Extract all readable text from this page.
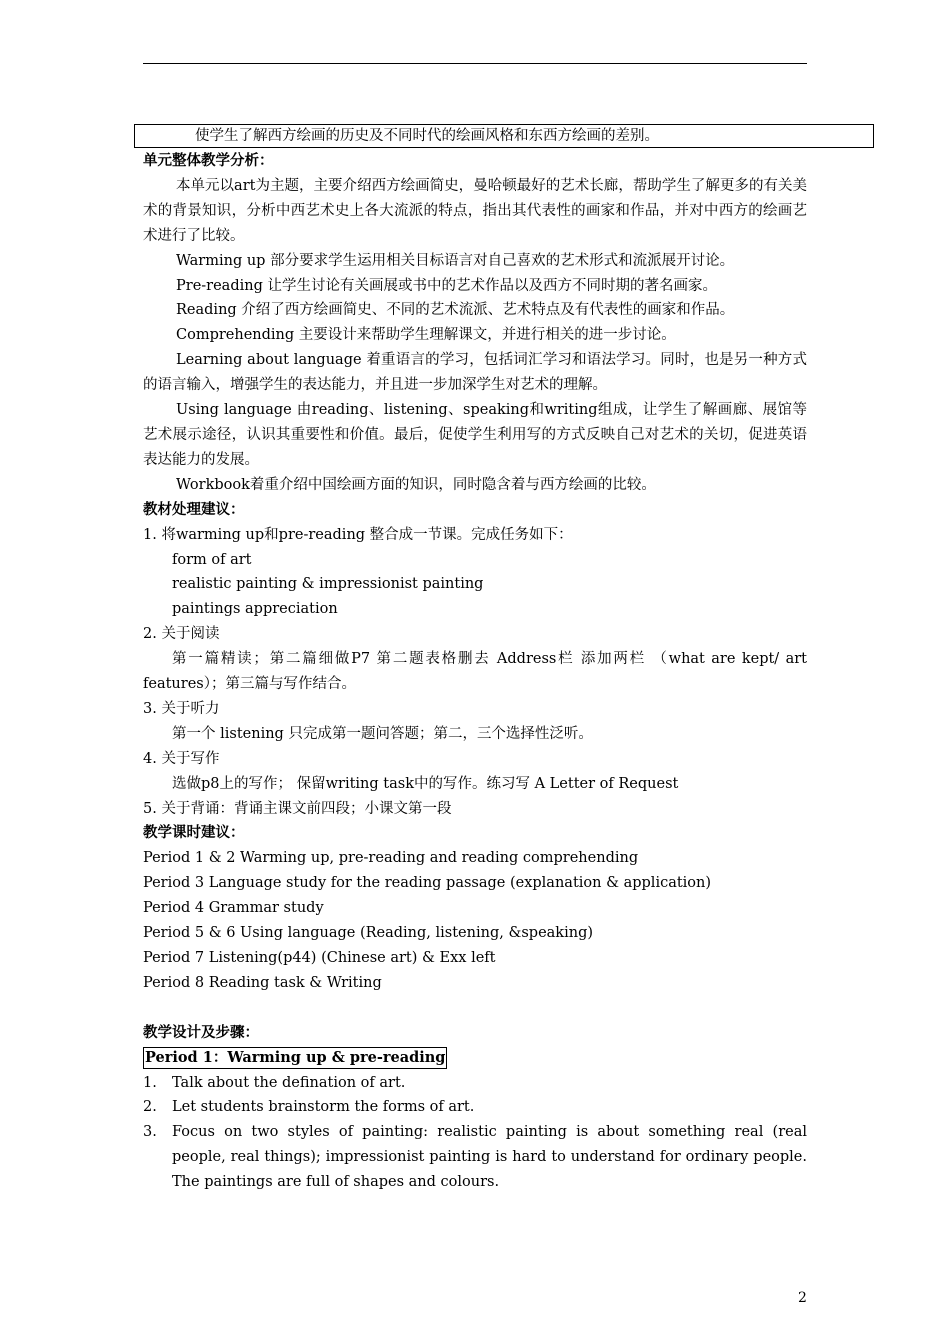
使学生了解西方绘画的历史及不同时代的绘画风格和东西方绘画的差别。

单元整体教学分析：

本单元以art为主题，主要介绍西方绘画简史，曼哈顿最好的艺术长廊，帮助学生了解更多的有关美术的背景知识，分析中西艺术史上各大流派的特点，指出其代表性的画家和作品，并对中西方的绘画艺术进行了比较。

Warming up 部分要求学生运用相关目标语言对自己喜欢的艺术形式和流派展开讨论。

Pre-reading 让学生讨论有关画展或书中的艺术作品以及西方不同时期的著名画家。

Reading 介绍了西方绘画简史、不同的艺术流派、艺术特点及有代表性的画家和作品。

Comprehending 主要设计来帮助学生理解课文，并进行相关的进一步讨论。

Learning about language 着重语言的学习，包括词汇学习和语法学习。同时，也是另一种方式的语言输入，增强学生的表达能力，并且进一步加深学生对艺术的理解。

Using language 由reading、listening、speaking和writing组成，让学生了解画廊、展馆等艺术展示途径，认识其重要性和价值。最后，促使学生利用写的方式反映自己对艺术的关切，促进英语表达能力的发展。

Workbook着重介绍中国绘画方面的知识，同时隐含着与西方绘画的比较。

教材处理建议：

1. 将warming up和pre-reading 整合成一节课。完成任务如下：

form of art

realistic painting & impressionist painting

paintings appreciation

2. 关于阅读

第一篇精读；第二篇细做P7 第二题表格删去 Address栏 添加两栏 （what are kept/ art features）；第三篇与写作结合。

3. 关于听力

第一个 listening 只完成第一题问答题；第二，三个选择性泛听。

4. 关于写作

选做p8上的写作； 保留writing task中的写作。练习写 A Letter of Request

5. 关于背诵：背诵主课文前四段；小课文第一段

教学课时建议：

Period 1 & 2 Warming up, pre-reading and reading comprehending

Period 3 Language study for the reading passage (explanation & application)

Period 4 Grammar study

Period 5 & 6 Using language (Reading, listening, &speaking)

Period 7 Listening(p44) (Chinese art) & Exx left

Period 8 Reading task & Writing

教学设计及步骤：

Period 1：Warming up & pre-reading

1.	Talk about the defination of art.
2.	Let students brainstorm the forms of art.
3.	Focus on two styles of painting: realistic painting is about something real (real people, real things); impressionist painting is hard to understand for ordinary people. The paintings are full of shapes and colours.
2
